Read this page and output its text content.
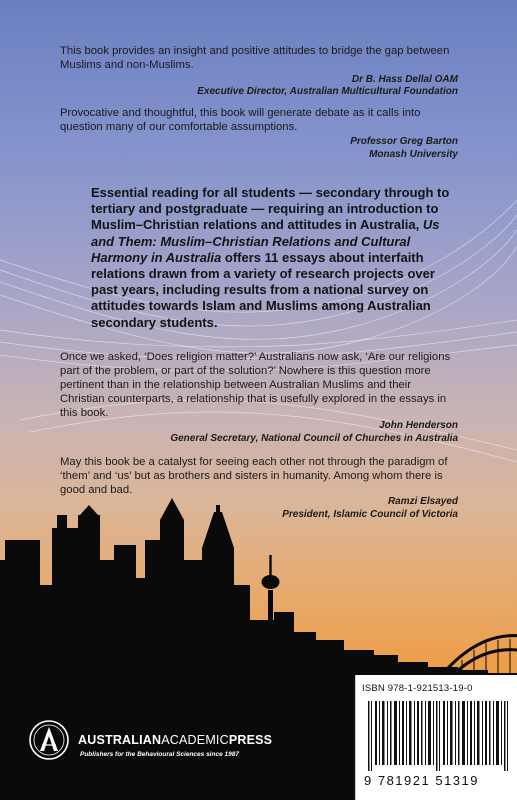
This book provides an insight and positive attitudes to bridge the gap between Muslims and non-Muslims.
Dr B. Hass Dellal OAM
Executive Director, Australian Multicultural Foundation
Provocative and thoughtful, this book will generate debate as it calls into question many of our comfortable assumptions.
Professor Greg Barton
Monash University
Essential reading for all students — secondary through to tertiary and postgraduate — requiring an introduction to Muslim–Christian relations and attitudes in Australia, Us and Them: Muslim–Christian Relations and Cultural Harmony in Australia offers 11 essays about interfaith relations drawn from a variety of research projects over past years, including results from a national survey on attitudes towards Islam and Muslims among Australian secondary students.
Once we asked, ‘Does religion matter?’ Australians now ask, ‘Are our religions part of the problem, or part of the solution?’ Nowhere is this question more pertinent than in the relationship between Australian Muslims and their Christian counterparts, a relationship that is usefully explored in the essays in this book.
John Henderson
General Secretary, National Council of Churches in Australia
May this book be a catalyst for seeing each other not through the paradigm of ‘them’ and ‘us’ but as brothers and sisters in humanity. Among whom there is good and bad.
Ramzi Elsayed
President, Islamic Council of Victoria
ISBN 978-1-921513-19-0
9 781921 51319
AUSTRALIANACADEMICPRESS
Publishers for the Behavioural Sciences since 1987
